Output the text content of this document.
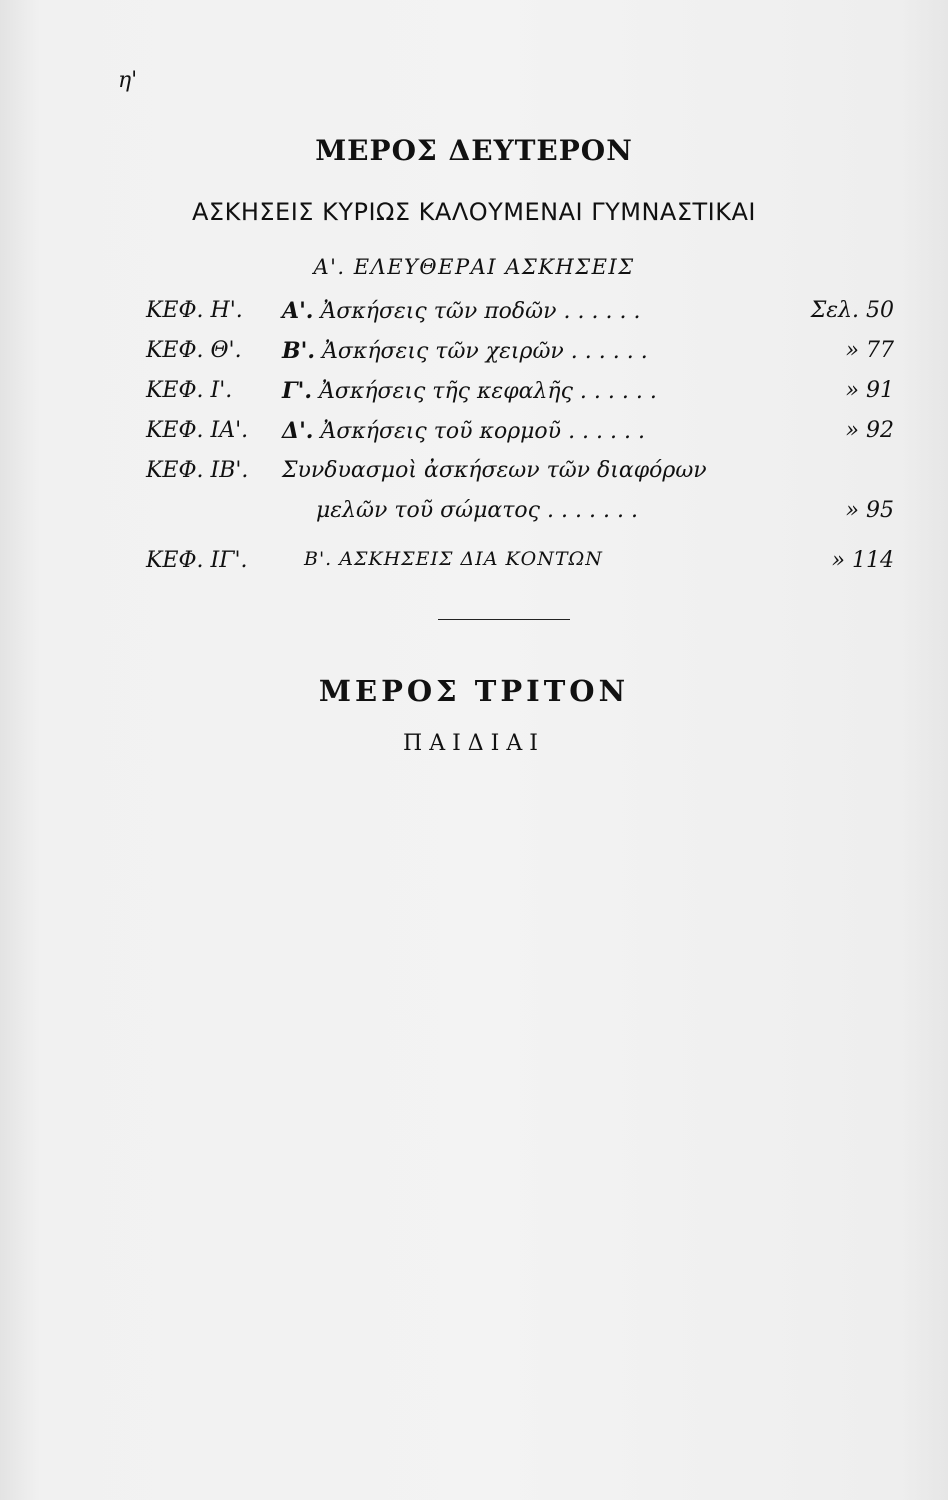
η'
ΜΕΡΟΣ ΔΕΥΤΕΡΟΝ
ΑΣΚΗΣΕΙΣ ΚΥΡΙΩΣ ΚΑΛΟΥΜΕΝΑΙ ΓΥΜΝΑΣΤΙΚΑΙ
Α'. ΕΛΕΥΘΕΡΑΙ ΑΣΚΗΣΕΙΣ
ΚΕΦ. Η'. Α'. Ἀσκήσεις τῶν ποδῶν ......	Σελ. 50
ΚΕΦ. Θ'. Β'. Ἀσκήσεις τῶν χειρῶν ......	» 77
ΚΕΦ. Ι'. Γ'. Ἀσκήσεις τῆς κεφαλῆς ......	» 91
ΚΕΦ. ΙΑ'. Δ'. Ἀσκήσεις τοῦ κορμοῦ ......	» 92
ΚΕΦ. ΙΒ'. Συνδυασμοὶ ἀσκήσεων τῶν διαφόρων
μελῶν τοῦ σώματος .......	» 95
ΚΕΦ. ΙΓ'.	Β'. ΑΣΚΗΣΕΙΣ ΔΙΑ ΚΟΝΤΩΝ	» 114
ΜΕΡΟΣ ΤΡΙΤΟΝ
ΠΑΙΔΙΑΙ
